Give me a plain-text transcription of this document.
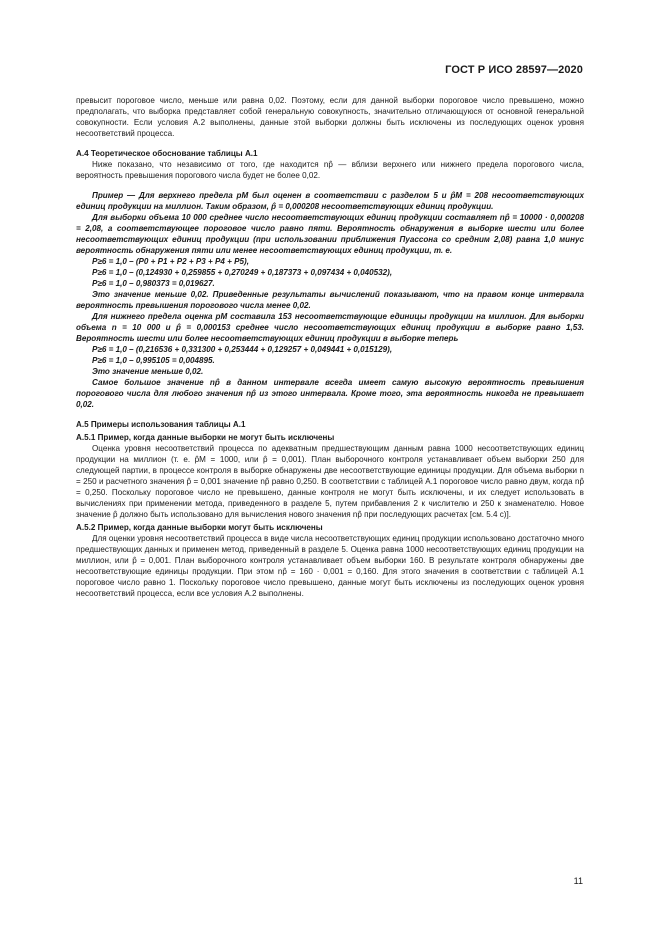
ГОСТ Р ИСО 28597—2020

превысит пороговое число, меньше или равна 0,02. Поэтому, если для данной выборки пороговое число превышено, можно предполагать, что выборка представляет собой генеральную совокупность, значительно отличающуюся от основной генеральной совокупности. Если условия А.2 выполнены, данные этой выборки должны быть исключены из последующих оценок уровня несоответствий процесса.

А.4 Теоретическое обоснование таблицы А.1

Ниже показано, что независимо от того, где находится np̂ — вблизи верхнего или нижнего предела порогового числа, вероятность превышения порогового числа будет не более 0,02.

Пример — Для верхнего предела pМ был оценен в соответствии с разделом 5 и p̂М = 208 несоответствующих единиц продукции на миллион. Таким образом, p̂ = 0,000208 несоответствующих единиц продукции.

Для выборки объема 10 000 среднее число несоответствующих единиц продукции составляет np̂ = 10000 · 0,000208 = 2,08, а соответствующее пороговое число равно пяти. Вероятность обнаружения в выборке шести или более несоответствующих единиц продукции (при использовании приближения Пуассона со средним 2,08) равна 1,0 минус вероятность обнаружения пяти или менее несоответствующих единиц продукции, т. е.

P≥6 = 1,0 – (P0 + P1 + P2 + P3 + P4 + P5),

P≥6 = 1,0 – (0,124930 + 0,259855 + 0,270249 + 0,187373 + 0,097434 + 0,040532),

P≥6 = 1,0 – 0,980373 = 0,019627.

Это значение меньше 0,02. Приведенные результаты вычислений показывают, что на правом конце интервала вероятность превышения порогового числа менее 0,02.

Для нижнего предела оценка pМ составила 153 несоответствующие единицы продукции на миллион. Для выборки объема n = 10 000 и p̂ = 0,000153 среднее число несоответствующих единиц продукции в выборке равно 1,53. Вероятность шести или более несоответствующих единиц продукции в выборке теперь

P≥6 = 1,0 – (0,216536 + 0,331300 + 0,253444 + 0,129257 + 0,049441 + 0,015129),

P≥6 = 1,0 – 0,995105 = 0,004895.

Это значение меньше 0,02.

Самое большое значение np̂ в данном интервале всегда имеет самую высокую вероятность превышения порогового числа для любого значения np̂ из этого интервала. Кроме того, эта вероятность никогда не превышает 0,02.

А.5 Примеры использования таблицы А.1

А.5.1 Пример, когда данные выборки не могут быть исключены

Оценка уровня несоответствий процесса по адекватным предшествующим данным равна 1000 несоответствующих единиц продукции на миллион (т. е. p̂М = 1000, или p̂ = 0,001). План выборочного контроля устанавливает объем выборки 250 для следующей партии, в процессе контроля в выборке обнаружены две несоответствующие единицы продукции. Для объема выборки n = 250 и расчетного значения p̂ = 0,001 значение np̂ равно 0,250. В соответствии с таблицей А.1 пороговое число равно двум, когда np̂ = 0,250. Поскольку пороговое число не превышено, данные контроля не могут быть исключены, и их следует использовать в вычислениях при применении метода, приведенного в разделе 5, путем прибавления 2 к числителю и 250 к знаменателю. Новое значение p̂ должно быть использовано для вычисления нового значения np̂ при последующих расчетах [см. 5.4 с)].

А.5.2 Пример, когда данные выборки могут быть исключены

Для оценки уровня несоответствий процесса в виде числа несоответствующих единиц продукции использовано достаточно много предшествующих данных и применен метод, приведенный в разделе 5. Оценка равна 1000 несоответствующих единиц продукции на миллион, или p̂ = 0,001. План выборочного контроля устанавливает объем выборки 160. В результате контроля обнаружены две несоответствующие единицы продукции. При этом np̂ = 160 · 0,001 = 0,160. Для этого значения в соответствии с таблицей А.1 пороговое число равно 1. Поскольку пороговое число превышено, данные могут быть исключены из последующих оценок уровня несоответствий процесса, если все условия А.2 выполнены.

11
